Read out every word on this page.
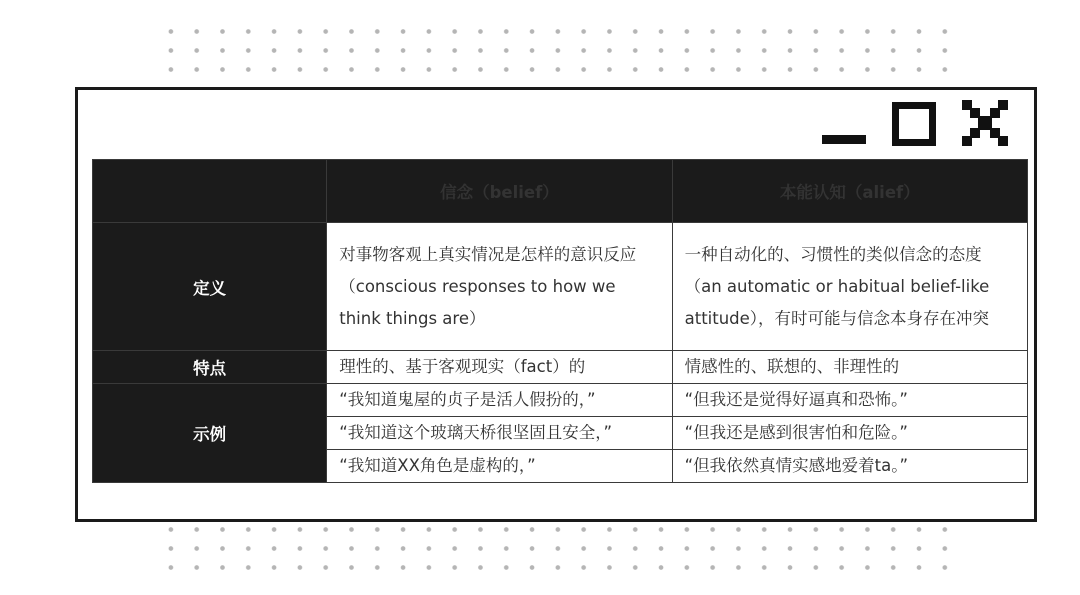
	信念（belief）	本能认知（alief）
定义	对事物客观上真实情况是怎样的意识反应（conscious responses to how we think things are）	一种自动化的、习惯性的类似信念的态度（an automatic or habitual belief-like attitude），有时可能与信念本身存在冲突
特点	理性的、基于客观现实（fact）的	情感性的、联想的、非理性的
示例	“我知道鬼屋的贞子是活人假扮的，”	“但我还是觉得好逼真和恐怖。”
	“我知道这个玻璃天桥很坚固且安全，”	“但我还是感到很害怕和危险。”
	“我知道XX角色是虚构的，”	“但我依然真情实感地爱着ta。”
